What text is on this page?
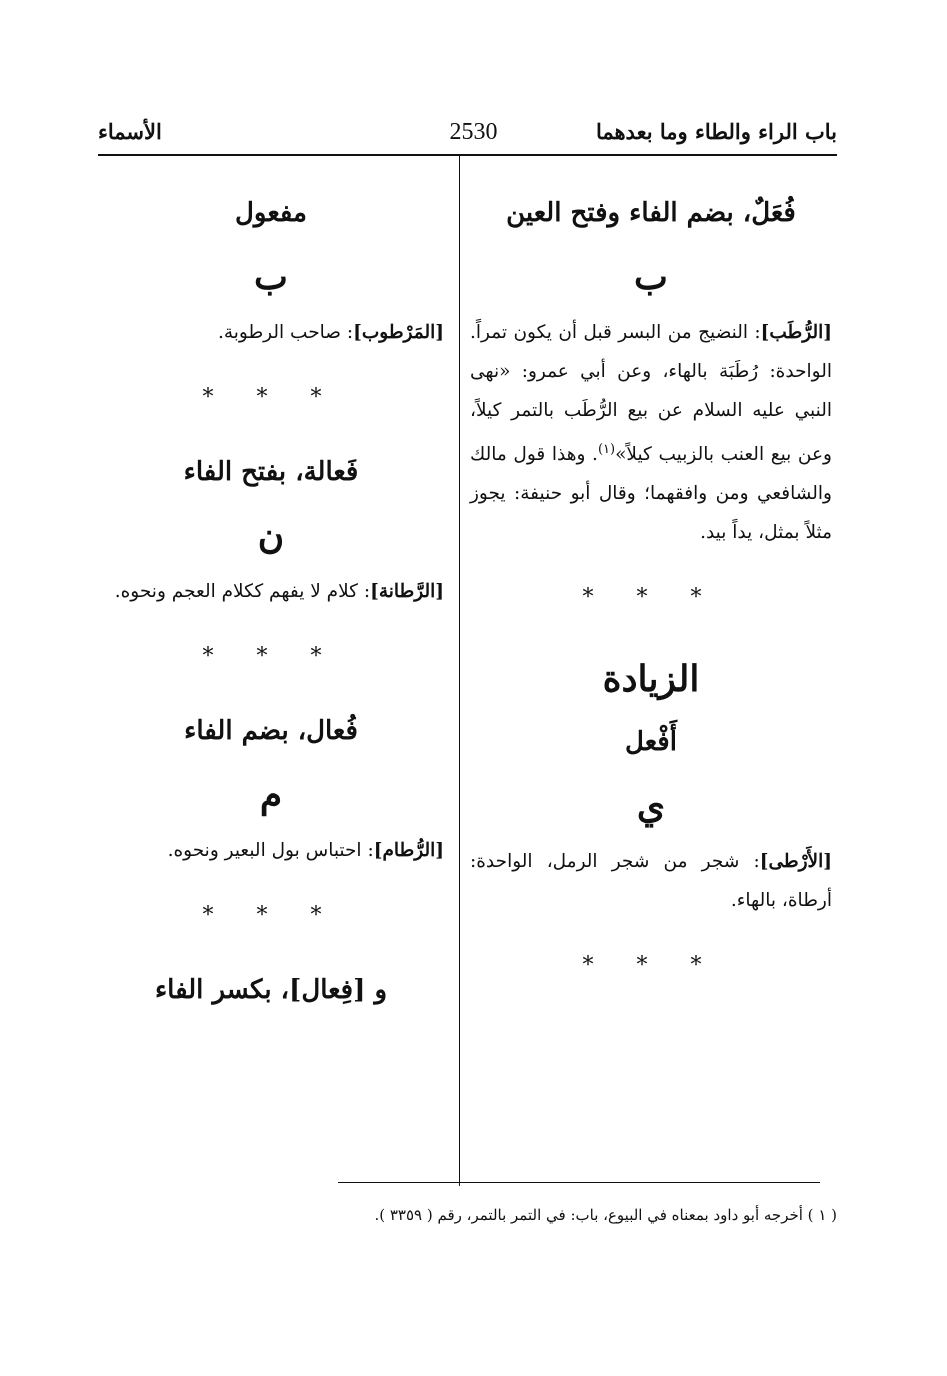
باب الراء والطاء وما بعدهما
2530
الأسماء

فُعَلٌ، بضم الفاء وفتح العين

ب

[الرُّطَب]: النضيج من البسر قبل أن يكون تمراً. الواحدة: رُطَبَة بالهاء، وعن أبي عمرو: «نهى النبي عليه السلام عن بيع الرُّطَب بالتمر كيلاً، وعن بيع العنب بالزبيب كيلاً»$^{(١)}$. وهذا قول مالك والشافعي ومن وافقهما؛ وقال أبو حنيفة: يجوز مثلاً بمثل، يداً بيد.

* * *

الزيادة

أَفْعل

ي

[الأَرْطى]: شجر من شجر الرمل، الواحدة: أرطاة، بالهاء.

* * *

مفعول

ب

[المَرْطوب]: صاحب الرطوبة.

* * *

فَعالة، بفتح الفاء

ن

[الرَّطانة]: كلام لا يفهم ككلام العجم ونحوه.

* * *

فُعال، بضم الفاء

م

[الرُّطام]: احتباس بول البعير ونحوه.

* * *

و [فِعال]، بكسر الفاء

( ١ ) أخرجه أبو داود بمعناه في البيوع، باب: في التمر بالتمر، رقم ( ٣٣٥٩ ).
